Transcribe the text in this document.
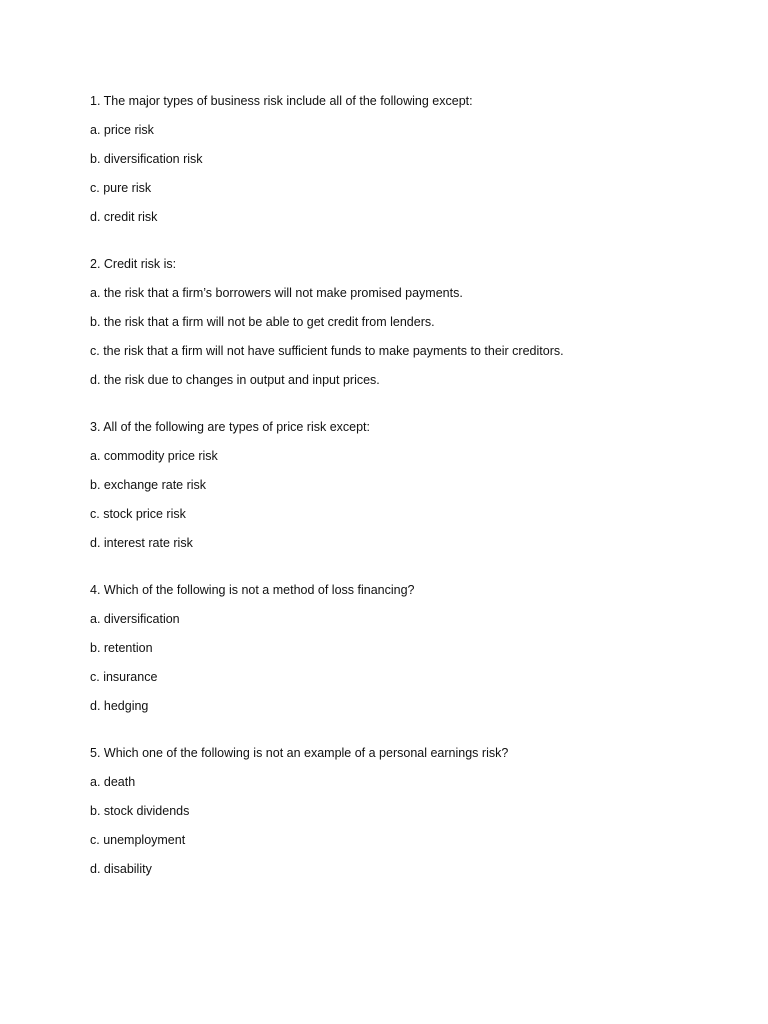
1. The major types of business risk include all of the following except:
a. price risk
b. diversification risk
c. pure risk
d. credit risk
2. Credit risk is:
a. the risk that a firm’s borrowers will not make promised payments.
b. the risk that a firm will not be able to get credit from lenders.
c. the risk that a firm will not have sufficient funds to make payments to their creditors.
d. the risk due to changes in output and input prices.
3. All of the following are types of price risk except:
a. commodity price risk
b. exchange rate risk
c. stock price risk
d. interest rate risk
4. Which of the following is not a method of loss financing?
a. diversification
b. retention
c. insurance
d. hedging
5. Which one of the following is not an example of a personal earnings risk?
a. death
b. stock dividends
c. unemployment
d. disability
